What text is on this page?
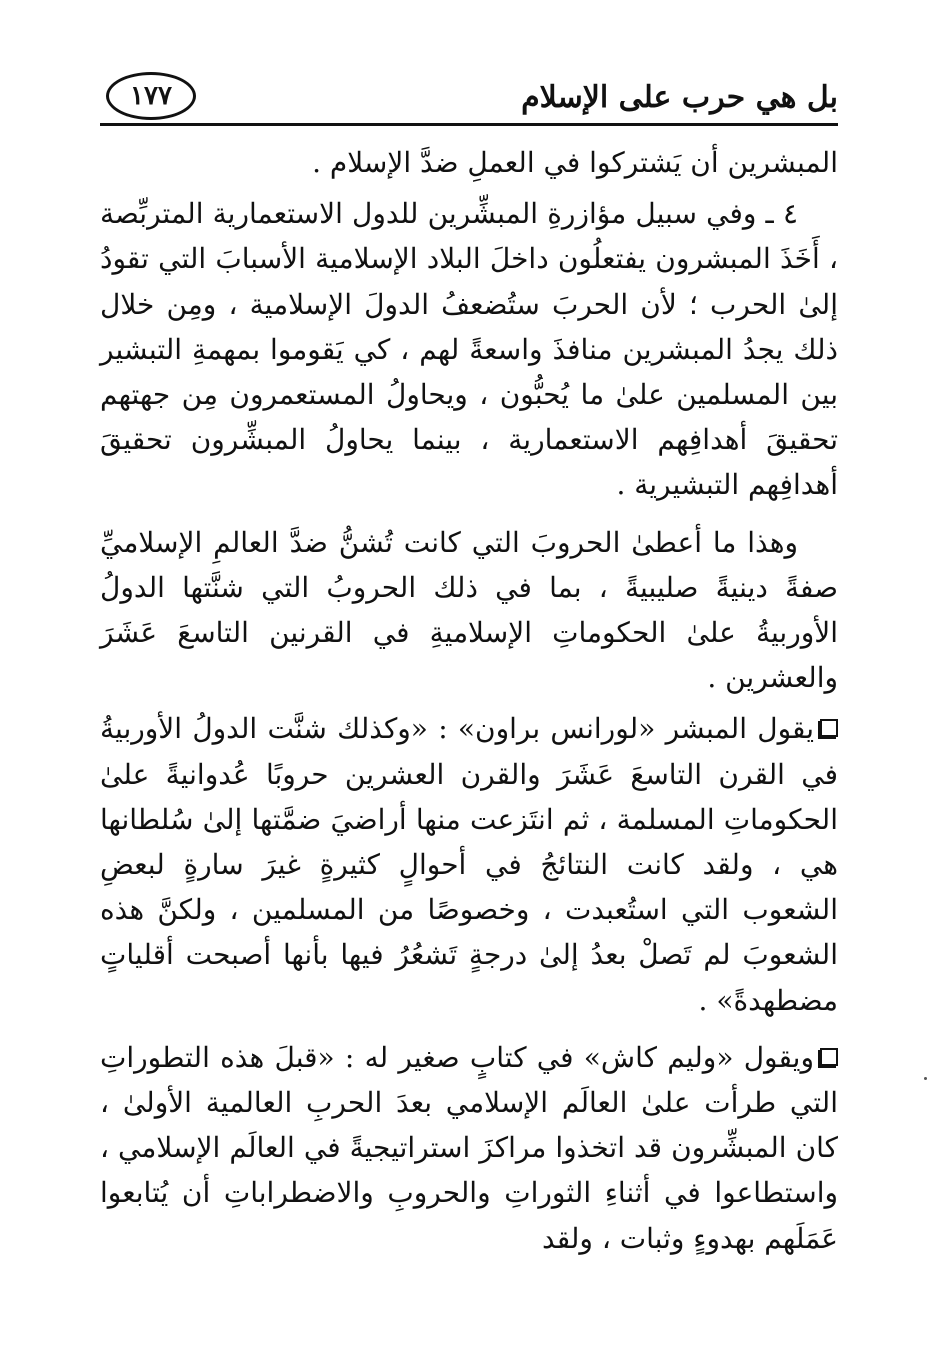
بل هي حرب على الإسلام
١٧٧

المبشرين أن يَشتركوا في العملِ ضدَّ الإسلام .

٤ ـ وفي سبيل مؤازرةِ المبشِّرين للدول الاستعمارية المتربِّصة ، أَخَذَ المبشرون يفتعلُون داخلَ البلاد الإسلامية الأسبابَ التي تقودُ إلىٰ الحرب ؛ لأن الحربَ ستُضعفُ الدولَ الإسلامية ، ومِن خلال ذلك يجدُ المبشرين منافذَ واسعةً لهم ، كي يَقوموا بمهمةِ التبشير بين المسلمين علىٰ ما يُحبُّون ، ويحاولُ المستعمرون مِن جهتهم تحقيقَ أهدافِهم الاستعمارية ، بينما يحاولُ المبشِّرون تحقيقَ أهدافِهم التبشيرية .

وهذا ما أعطىٰ الحروبَ التي كانت تُشنُّ ضدَّ العالمِ الإسلاميِّ صفةً دينيةً صليبيةً ، بما في ذلك الحروبُ التي شنَّتها الدولُ الأوربيةُ علىٰ الحكوماتِ الإسلاميةِ في القرنين التاسعَ عَشَرَ والعشرين .

يقول المبشر «لورانس براون» : «وكذلك شنَّت الدولُ الأوربيةُ في القرن التاسعَ عَشَرَ والقرن العشرين حروبًا عُدوانيةً علىٰ الحكوماتِ المسلمة ، ثم انتَزعت منها أراضيَ ضمَّتها إلىٰ سُلطانها هي ، ولقد كانت النتائجُ في أحوالٍ كثيرةٍ غيرَ سارةٍ لبعضِ الشعوب التي استُعبدت ، وخصوصًا من المسلمين ، ولكنَّ هذه الشعوبَ لم تَصلْ بعدُ إلىٰ درجةٍ تَشعُرُ فيها بأنها أصبحت أقلياتٍ مضطهدةً» .

ويقول «وليم كاش» في كتابٍ صغير له : «قبلَ هذه التطوراتِ التي طرأت علىٰ العالَم الإسلامي بعدَ الحربِ العالمية الأولىٰ ، كان المبشِّرون قد اتخذوا مراكزَ استراتيجيةً في العالَم الإسلامي ، واستطاعوا في أثناءِ الثوراتِ والحروبِ والاضطراباتِ أن يُتابعوا عَمَلَهم بهدوءٍ وثبات ، ولقد
